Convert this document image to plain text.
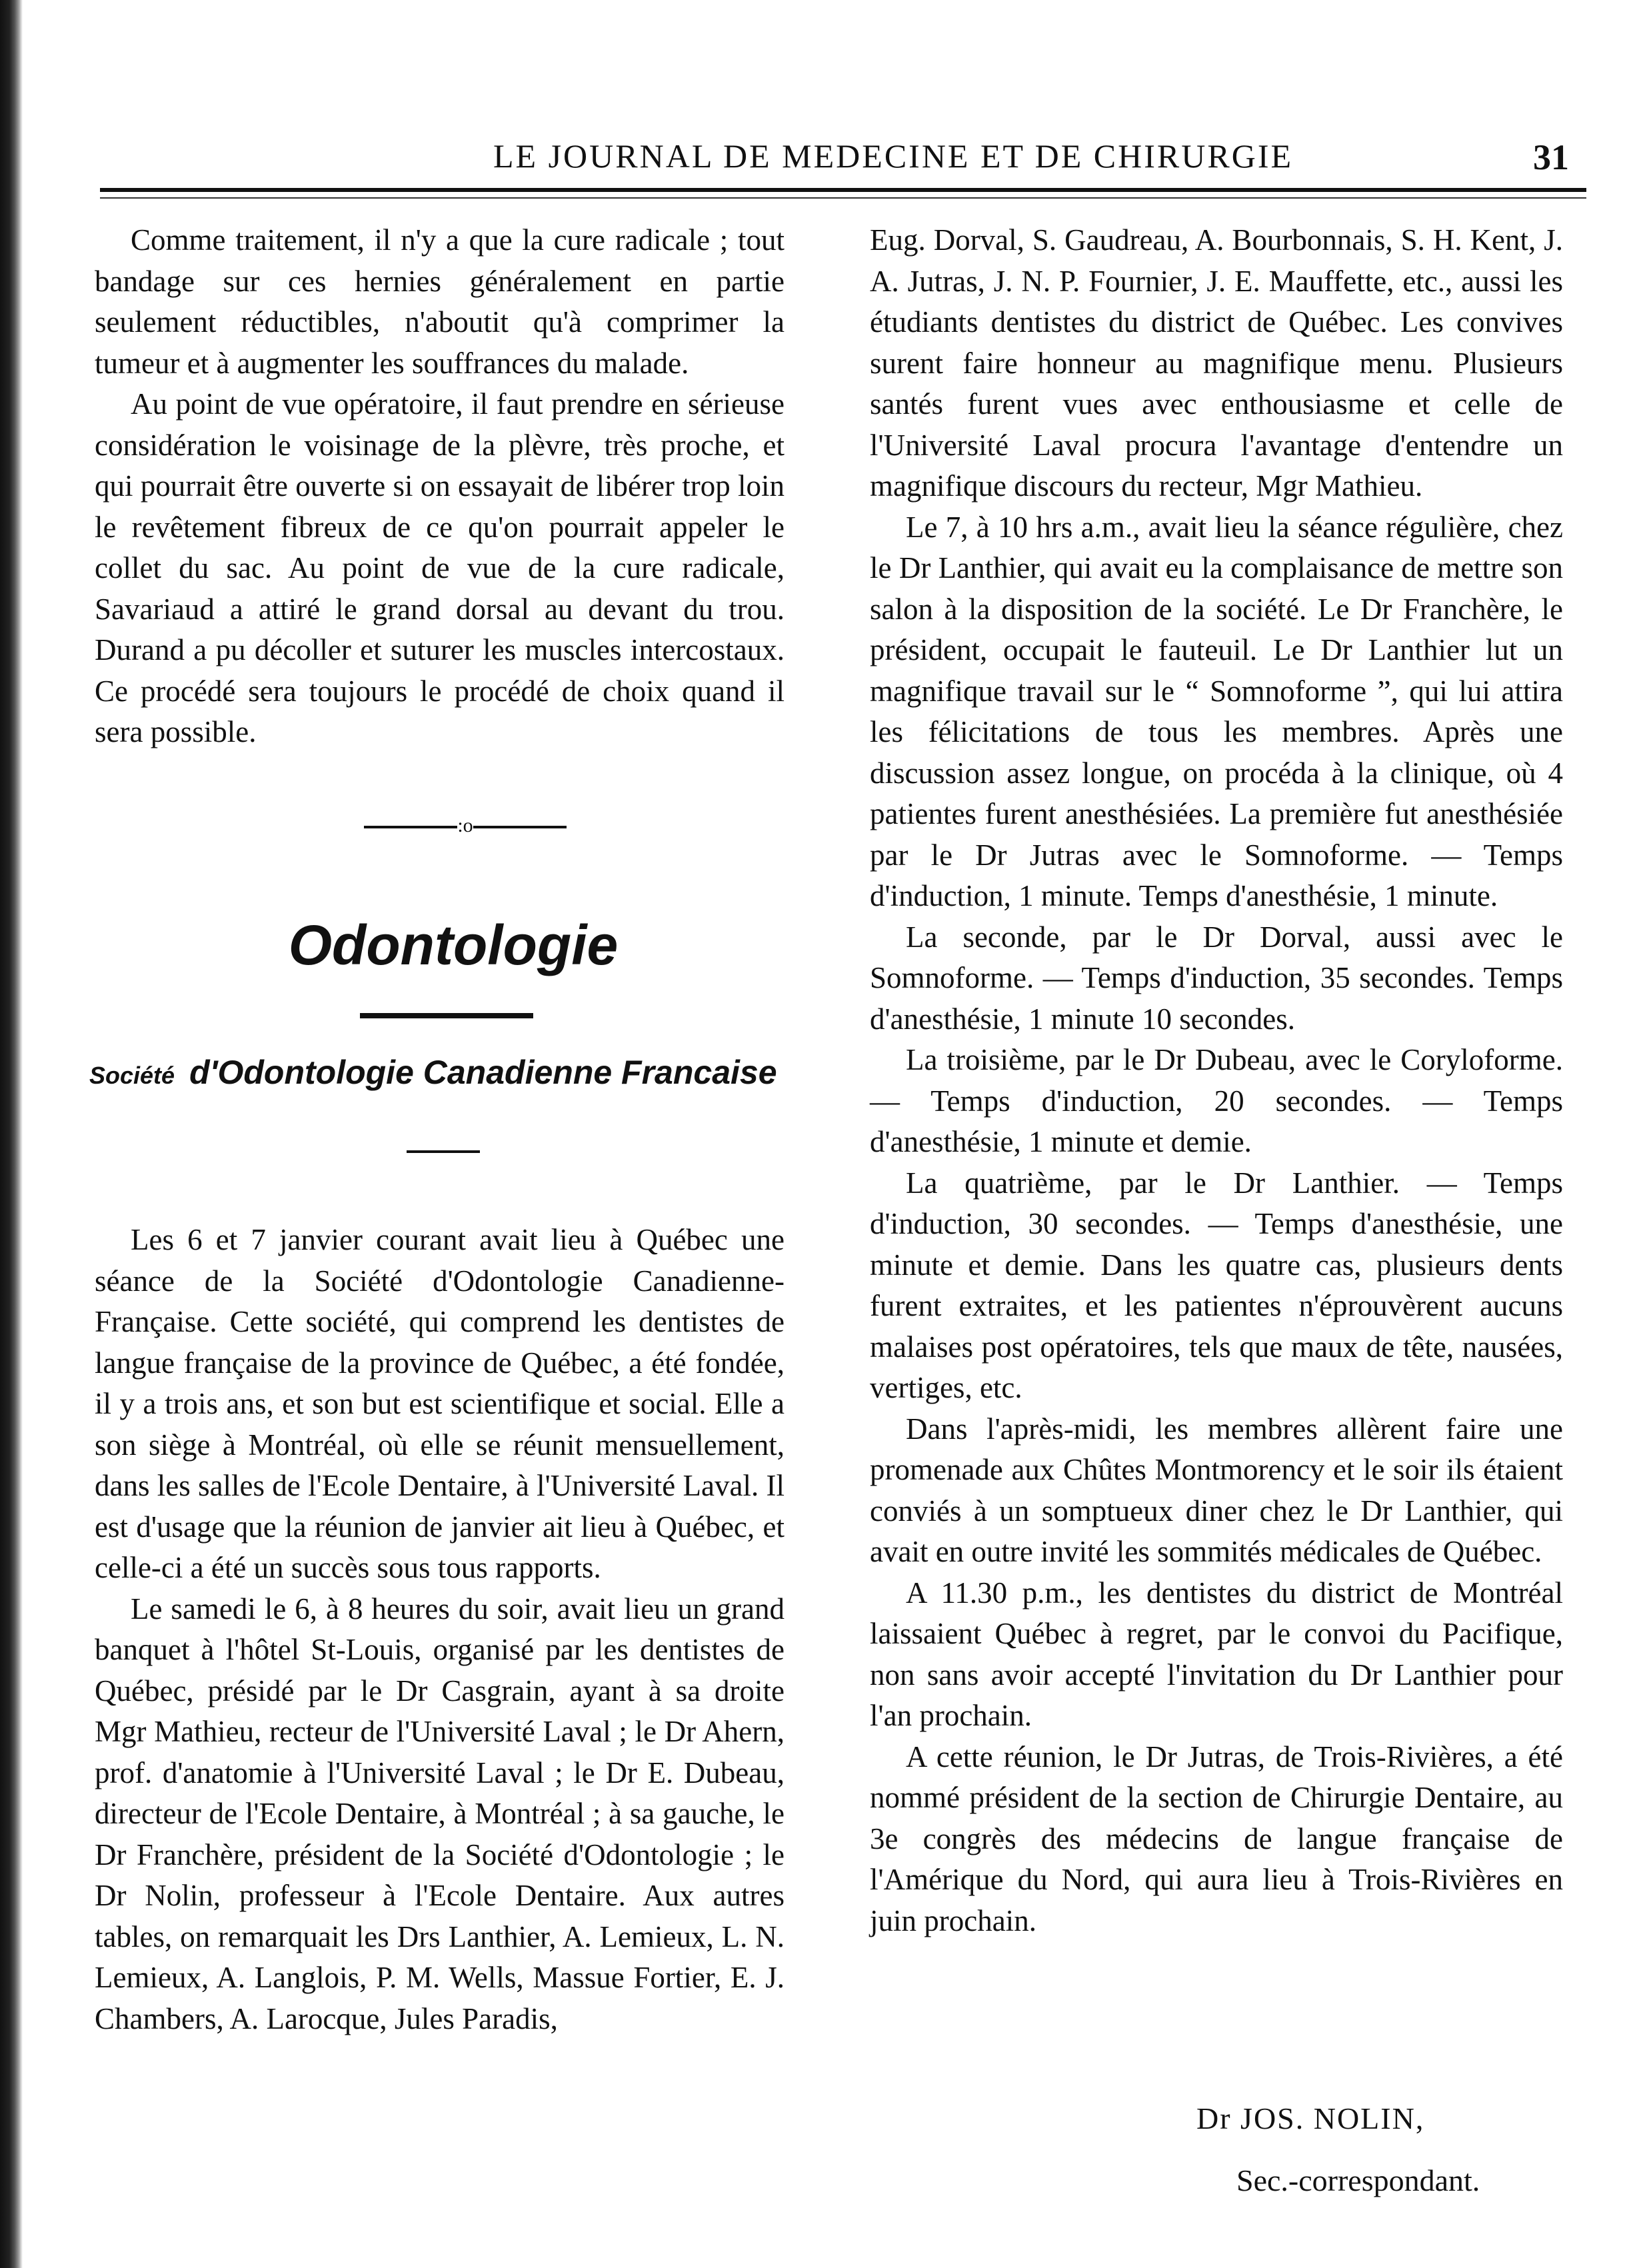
LE JOURNAL DE MEDECINE ET DE CHIRURGIE	31

Comme traitement, il n'y a que la cure radicale ; tout bandage sur ces hernies généralement en partie seulement réductibles, n'aboutit qu'à comprimer la tumeur et à augmenter les souffrances du malade.

Au point de vue opératoire, il faut prendre en sérieuse considération le voisinage de la plèvre, très proche, et qui pourrait être ouverte si on essayait de libérer trop loin le revêtement fibreux de ce qu'on pourrait appeler le collet du sac. Au point de vue de la cure radicale, Savariaud a attiré le grand dorsal au devant du trou. Durand a pu décoller et suturer les muscles intercostaux. Ce procédé sera toujours le procédé de choix quand il sera possible.

:o
Odontologie
Société d'Odontologie Canadienne Francaise

Les 6 et 7 janvier courant avait lieu à Québec une séance de la Société d'Odontologie Canadienne-Française. Cette société, qui comprend les dentistes de langue française de la province de Québec, a été fondée, il y a trois ans, et son but est scientifique et social. Elle a son siège à Montréal, où elle se réunit mensuellement, dans les salles de l'Ecole Dentaire, à l'Université Laval. Il est d'usage que la réunion de janvier ait lieu à Québec, et celle-ci a été un succès sous tous rapports.

Le samedi le 6, à 8 heures du soir, avait lieu un grand banquet à l'hôtel St-Louis, organisé par les dentistes de Québec, présidé par le Dr Casgrain, ayant à sa droite Mgr Mathieu, recteur de l'Université Laval ; le Dr Ahern, prof. d'anatomie à l'Université Laval ; le Dr E. Dubeau, directeur de l'Ecole Dentaire, à Montréal ; à sa gauche, le Dr Franchère, président de la Société d'Odontologie ; le Dr Nolin, professeur à l'Ecole Dentaire. Aux autres tables, on remarquait les Drs Lanthier, A. Lemieux, L. N. Lemieux, A. Langlois, P. M. Wells, Massue Fortier, E. J. Chambers, A. Larocque, Jules Paradis,

Eug. Dorval, S. Gaudreau, A. Bourbonnais, S. H. Kent, J. A. Jutras, J. N. P. Fournier, J. E. Mauffette, etc., aussi les étudiants dentistes du district de Québec. Les convives surent faire honneur au magnifique menu. Plusieurs santés furent vues avec enthousiasme et celle de l'Université Laval procura l'avantage d'entendre un magnifique discours du recteur, Mgr Mathieu.

Le 7, à 10 hrs a.m., avait lieu la séance régulière, chez le Dr Lanthier, qui avait eu la complaisance de mettre son salon à la disposition de la société. Le Dr Franchère, le président, occupait le fauteuil. Le Dr Lanthier lut un magnifique travail sur le “ Somnoforme ”, qui lui attira les félicitations de tous les membres. Après une discussion assez longue, on procéda à la clinique, où 4 patientes furent anesthésiées. La première fut anesthésiée par le Dr Jutras avec le Somnoforme. — Temps d'induction, 1 minute. Temps d'anesthésie, 1 minute.

La seconde, par le Dr Dorval, aussi avec le Somnoforme. — Temps d'induction, 35 secondes. Temps d'anesthésie, 1 minute 10 secondes.

La troisième, par le Dr Dubeau, avec le Coryloforme. — Temps d'induction, 20 secondes. — Temps d'anesthésie, 1 minute et demie.

La quatrième, par le Dr Lanthier. — Temps d'induction, 30 secondes. — Temps d'anesthésie, une minute et demie. Dans les quatre cas, plusieurs dents furent extraites, et les patientes n'éprouvèrent aucuns malaises post opératoires, tels que maux de tête, nausées, vertiges, etc.

Dans l'après-midi, les membres allèrent faire une promenade aux Chûtes Montmorency et le soir ils étaient conviés à un somptueux diner chez le Dr Lanthier, qui avait en outre invité les sommités médicales de Québec.

A 11.30 p.m., les dentistes du district de Montréal laissaient Québec à regret, par le convoi du Pacifique, non sans avoir accepté l'invitation du Dr Lanthier pour l'an prochain.

A cette réunion, le Dr Jutras, de Trois-Rivières, a été nommé président de la section de Chirurgie Dentaire, au 3e congrès des médecins de langue française de l'Amérique du Nord, qui aura lieu à Trois-Rivières en juin prochain.

Dr JOS. NOLIN,
Sec.-correspondant.
